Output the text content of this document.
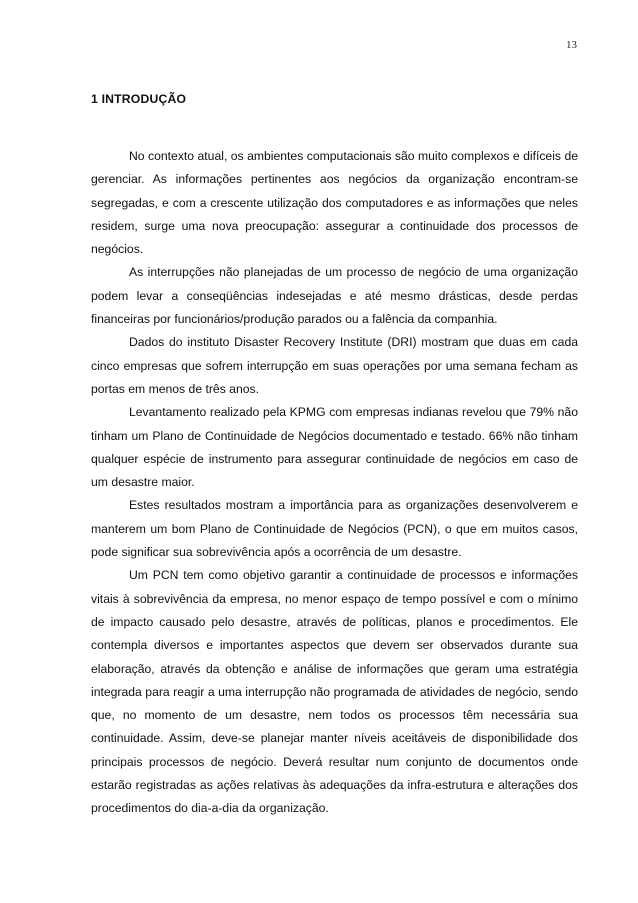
13
1 INTRODUÇÃO

No contexto atual, os ambientes computacionais são muito complexos e difíceis de gerenciar. As informações pertinentes aos negócios da organização encontram-se segregadas, e com a crescente utilização dos computadores e as informações que neles residem, surge uma nova preocupação: assegurar a continuidade dos processos de negócios.

As interrupções não planejadas de um processo de negócio de uma organização podem levar a conseqüências indesejadas e até mesmo drásticas, desde perdas financeiras por funcionários/produção parados ou a falência da companhia.

Dados do instituto Disaster Recovery Institute (DRI) mostram que duas em cada cinco empresas que sofrem interrupção em suas operações por uma semana fecham as portas em menos de três anos.

Levantamento realizado pela KPMG com empresas indianas revelou que 79% não tinham um Plano de Continuidade de Negócios documentado e testado. 66% não tinham qualquer espécie de instrumento para assegurar continuidade de negócios em caso de um desastre maior.

Estes resultados mostram a importância para as organizações desenvolverem e manterem um bom Plano de Continuidade de Negócios (PCN), o que em muitos casos, pode significar sua sobrevivência após a ocorrência de um desastre.

Um PCN tem como objetivo garantir a continuidade de processos e informações vitais à sobrevivência da empresa, no menor espaço de tempo possível e com o mínimo de impacto causado pelo desastre, através de políticas, planos e procedimentos. Ele contempla diversos e importantes aspectos que devem ser observados durante sua elaboração, através da obtenção e análise de informações que geram uma estratégia integrada para reagir a uma interrupção não programada de atividades de negócio, sendo que, no momento de um desastre, nem todos os processos têm necessária sua continuidade. Assim, deve-se planejar manter níveis aceitáveis de disponibilidade dos principais processos de negócio. Deverá resultar num conjunto de documentos onde estarão registradas as ações relativas às adequações da infra-estrutura e alterações dos procedimentos do dia-a-dia da organização.
